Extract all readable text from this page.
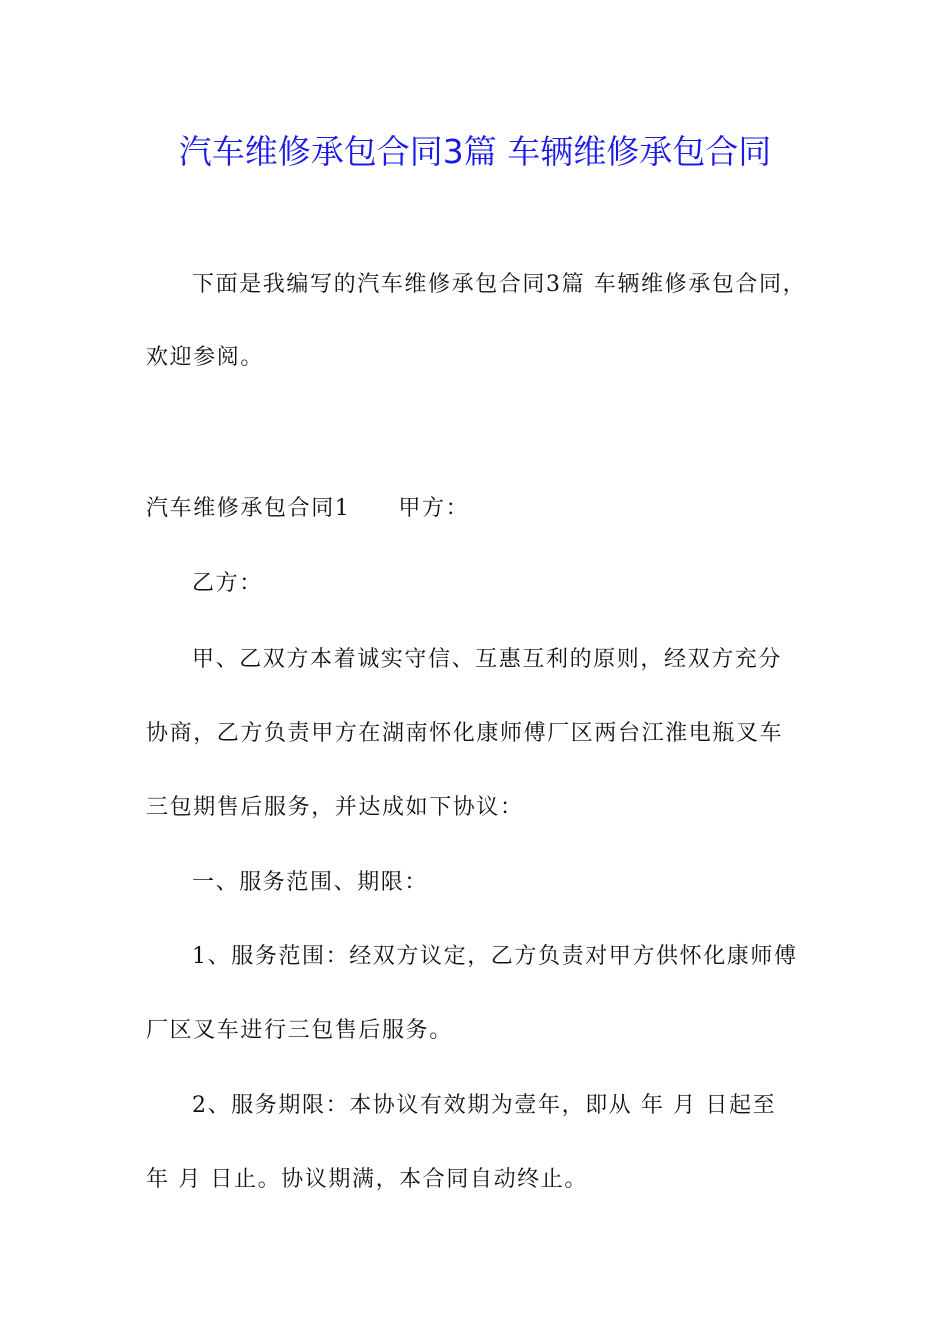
汽车维修承包合同3篇 车辆维修承包合同
下面是我编写的汽车维修承包合同3篇 车辆维修承包合同，
欢迎参阅。
汽车维修承包合同1 甲方：
乙方：
甲、乙双方本着诚实守信、互惠互利的原则，经双方充分
协商，乙方负责甲方在湖南怀化康师傅厂区两台江淮电瓶叉车
三包期售后服务，并达成如下协议：
一、服务范围、期限：
1、服务范围：经双方议定，乙方负责对甲方供怀化康师傅
厂区叉车进行三包售后服务。
2、服务期限：本协议有效期为壹年，即从 年 月 日起至
年 月 日止。协议期满，本合同自动终止。
